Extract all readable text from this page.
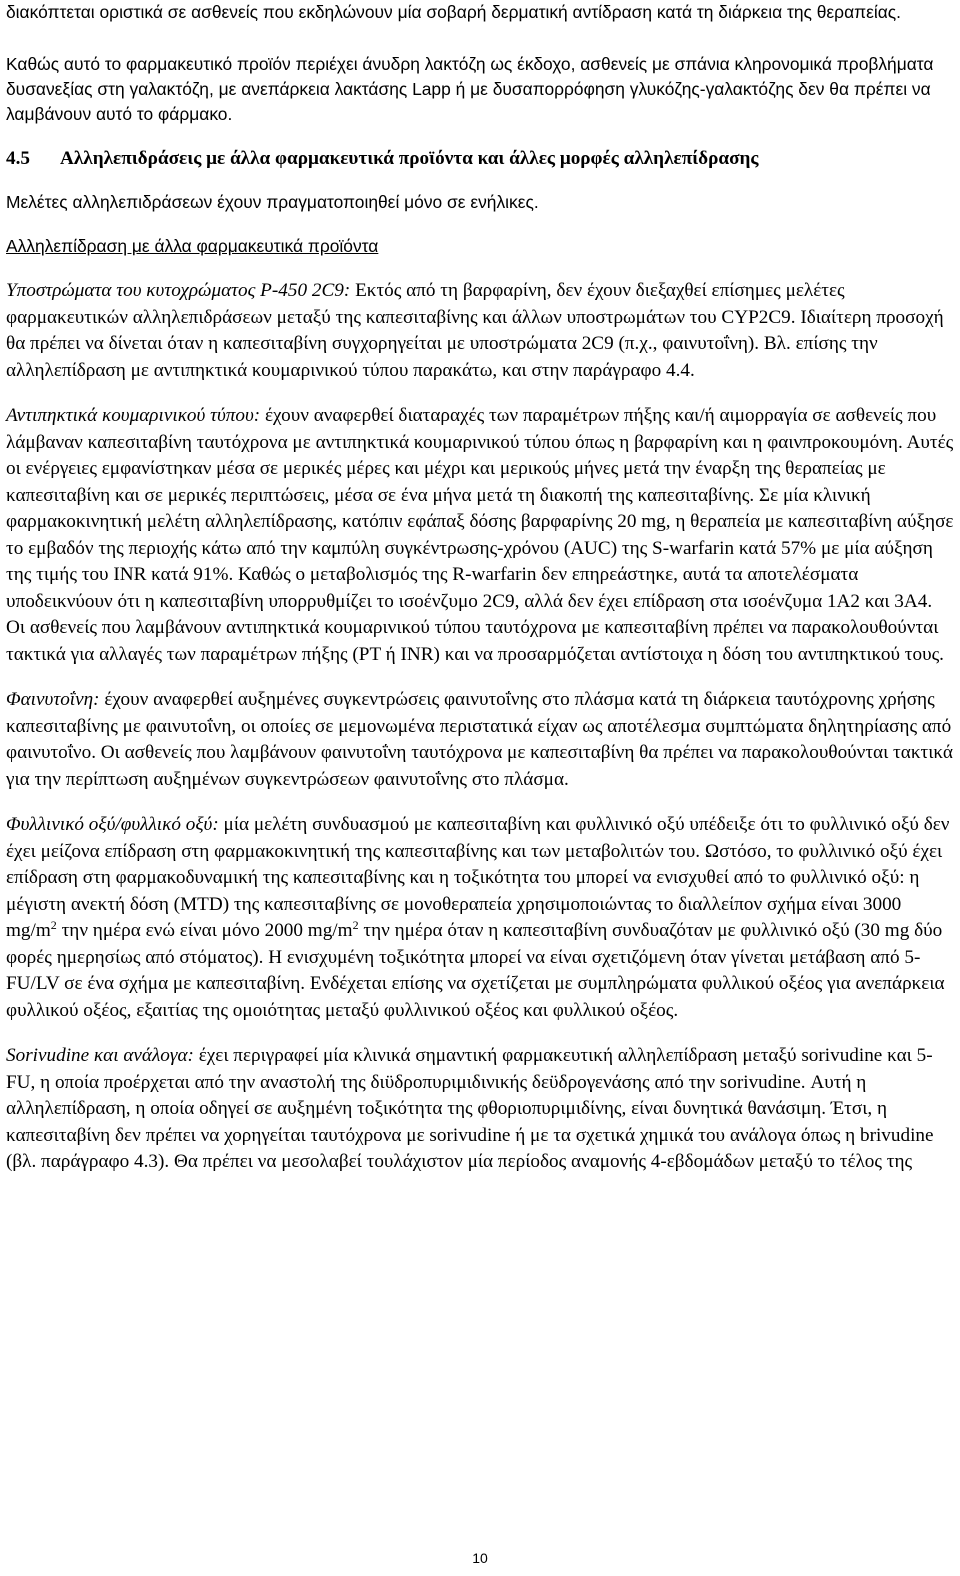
διακόπτεται οριστικά σε ασθενείς που εκδηλώνουν μία σοβαρή δερματική αντίδραση κατά τη διάρκεια της θεραπείας.

Καθώς αυτό το φαρμακευτικό προϊόν περιέχει άνυδρη λακτόζη ως έκδοχο, ασθενείς με σπάνια κληρονομικά προβλήματα δυσανεξίας στη γαλακτόζη, με ανεπάρκεια λακτάσης Lapp ή με δυσαπορρόφηση γλυκόζης-γαλακτόζης δεν θα πρέπει να λαμβάνουν αυτό το φάρμακο.

4.5 Αλληλεπιδράσεις με άλλα φαρμακευτικά προϊόντα και άλλες μορφές αλληλεπίδρασης

Μελέτες αλληλεπιδράσεων έχουν πραγματοποιηθεί μόνο σε ενήλικες.

Αλληλεπίδραση με άλλα φαρμακευτικά προϊόντα

Υποστρώματα του κυτοχρώματος P-450 2C9: Εκτός από τη βαρφαρίνη, δεν έχουν διεξαχθεί επίσημες μελέτες φαρμακευτικών αλληλεπιδράσεων μεταξύ της καπεσιταβίνης και άλλων υποστρωμάτων του CYP2C9. Ιδιαίτερη προσοχή θα πρέπει να δίνεται όταν η καπεσιταβίνη συγχορηγείται με υποστρώματα 2C9 (π.χ., φαινυτοΐνη). Βλ. επίσης την αλληλεπίδραση με αντιπηκτικά κουμαρινικού τύπου παρακάτω, και στην παράγραφο 4.4.

Αντιπηκτικά κουμαρινικού τύπου: έχουν αναφερθεί διαταραχές των παραμέτρων πήξης και/ή αιμορραγία σε ασθενείς που λάμβαναν καπεσιταβίνη ταυτόχρονα με αντιπηκτικά κουμαρινικού τύπου όπως η βαρφαρίνη και η φαινπροκουμόνη. Αυτές οι ενέργειες εμφανίστηκαν μέσα σε μερικές μέρες και μέχρι και μερικούς μήνες μετά την έναρξη της θεραπείας με καπεσιταβίνη και σε μερικές περιπτώσεις, μέσα σε ένα μήνα μετά τη διακοπή της καπεσιταβίνης. Σε μία κλινική φαρμακοκινητική μελέτη αλληλεπίδρασης, κατόπιν εφάπαξ δόσης βαρφαρίνης 20 mg, η θεραπεία με καπεσιταβίνη αύξησε το εμβαδόν της περιοχής κάτω από την καμπύλη συγκέντρωσης-χρόνου (AUC) της S-warfarin κατά 57% με μία αύξηση της τιμής του INR κατά 91%. Καθώς ο μεταβολισμός της R-warfarin δεν επηρεάστηκε, αυτά τα αποτελέσματα υποδεικνύουν ότι η καπεσιταβίνη υπορρυθμίζει το ισοένζυμο 2C9, αλλά δεν έχει επίδραση στα ισοένζυμα 1A2 και 3A4. Οι ασθενείς που λαμβάνουν αντιπηκτικά κουμαρινικού τύπου ταυτόχρονα με καπεσιταβίνη πρέπει να παρακολουθούνται τακτικά για αλλαγές των παραμέτρων πήξης (PT ή INR) και να προσαρμόζεται αντίστοιχα η δόση του αντιπηκτικού τους.

Φαινυτοΐνη: έχουν αναφερθεί αυξημένες συγκεντρώσεις φαινυτοΐνης στο πλάσμα κατά τη διάρκεια ταυτόχρονης χρήσης καπεσιταβίνης με φαινυτοΐνη, οι οποίες σε μεμονωμένα περιστατικά είχαν ως αποτέλεσμα συμπτώματα δηλητηρίασης από φαινυτοΐνο. Οι ασθενείς που λαμβάνουν φαινυτοΐνη ταυτόχρονα με καπεσιταβίνη θα πρέπει να παρακολουθούνται τακτικά για την περίπτωση αυξημένων συγκεντρώσεων φαινυτοΐνης στο πλάσμα.

Φυλλινικό οξύ/φυλλικό οξύ: μία μελέτη συνδυασμού με καπεσιταβίνη και φυλλινικό οξύ υπέδειξε ότι το φυλλινικό οξύ δεν έχει μείζονα επίδραση στη φαρμακοκινητική της καπεσιταβίνης και των μεταβολιτών του. Ωστόσο, το φυλλινικό οξύ έχει επίδραση στη φαρμακοδυναμική της καπεσιταβίνης και η τοξικότητα του μπορεί να ενισχυθεί από το φυλλινικό οξύ: η μέγιστη ανεκτή δόση (MTD) της καπεσιταβίνης σε μονοθεραπεία χρησιμοποιώντας το διαλλείπον σχήμα είναι 3000 $mg/m^2$ την ημέρα ενώ είναι μόνο 2000 $mg/m^2$ την ημέρα όταν η καπεσιταβίνη συνδυαζόταν με φυλλινικό οξύ (30 mg δύο φορές ημερησίως από στόματος). Η ενισχυμένη τοξικότητα μπορεί να είναι σχετιζόμενη όταν γίνεται μετάβαση από 5-FU/LV σε ένα σχήμα με καπεσιταβίνη. Ενδέχεται επίσης να σχετίζεται με συμπληρώματα φυλλικού οξέος για ανεπάρκεια φυλλικού οξέος, εξαιτίας της ομοιότητας μεταξύ φυλλινικού οξέος και φυλλικού οξέος.

Sorivudine και ανάλογα: έχει περιγραφεί μία κλινικά σημαντική φαρμακευτική αλληλεπίδραση μεταξύ sorivudine και 5-FU, η οποία προέρχεται από την αναστολή της διϋδροπυριμιδινικής δεϋδρογενάσης από την sorivudine. Αυτή η αλληλεπίδραση, η οποία οδηγεί σε αυξημένη τοξικότητα της φθοριοπυριμιδίνης, είναι δυνητικά θανάσιμη. Έτσι, η καπεσιταβίνη δεν πρέπει να χορηγείται ταυτόχρονα με sorivudine ή με τα σχετικά χημικά του ανάλογα όπως η brivudine (βλ. παράγραφο 4.3). Θα πρέπει να μεσολαβεί τουλάχιστον μία περίοδος αναμονής 4-εβδομάδων μεταξύ το τέλος της

10
